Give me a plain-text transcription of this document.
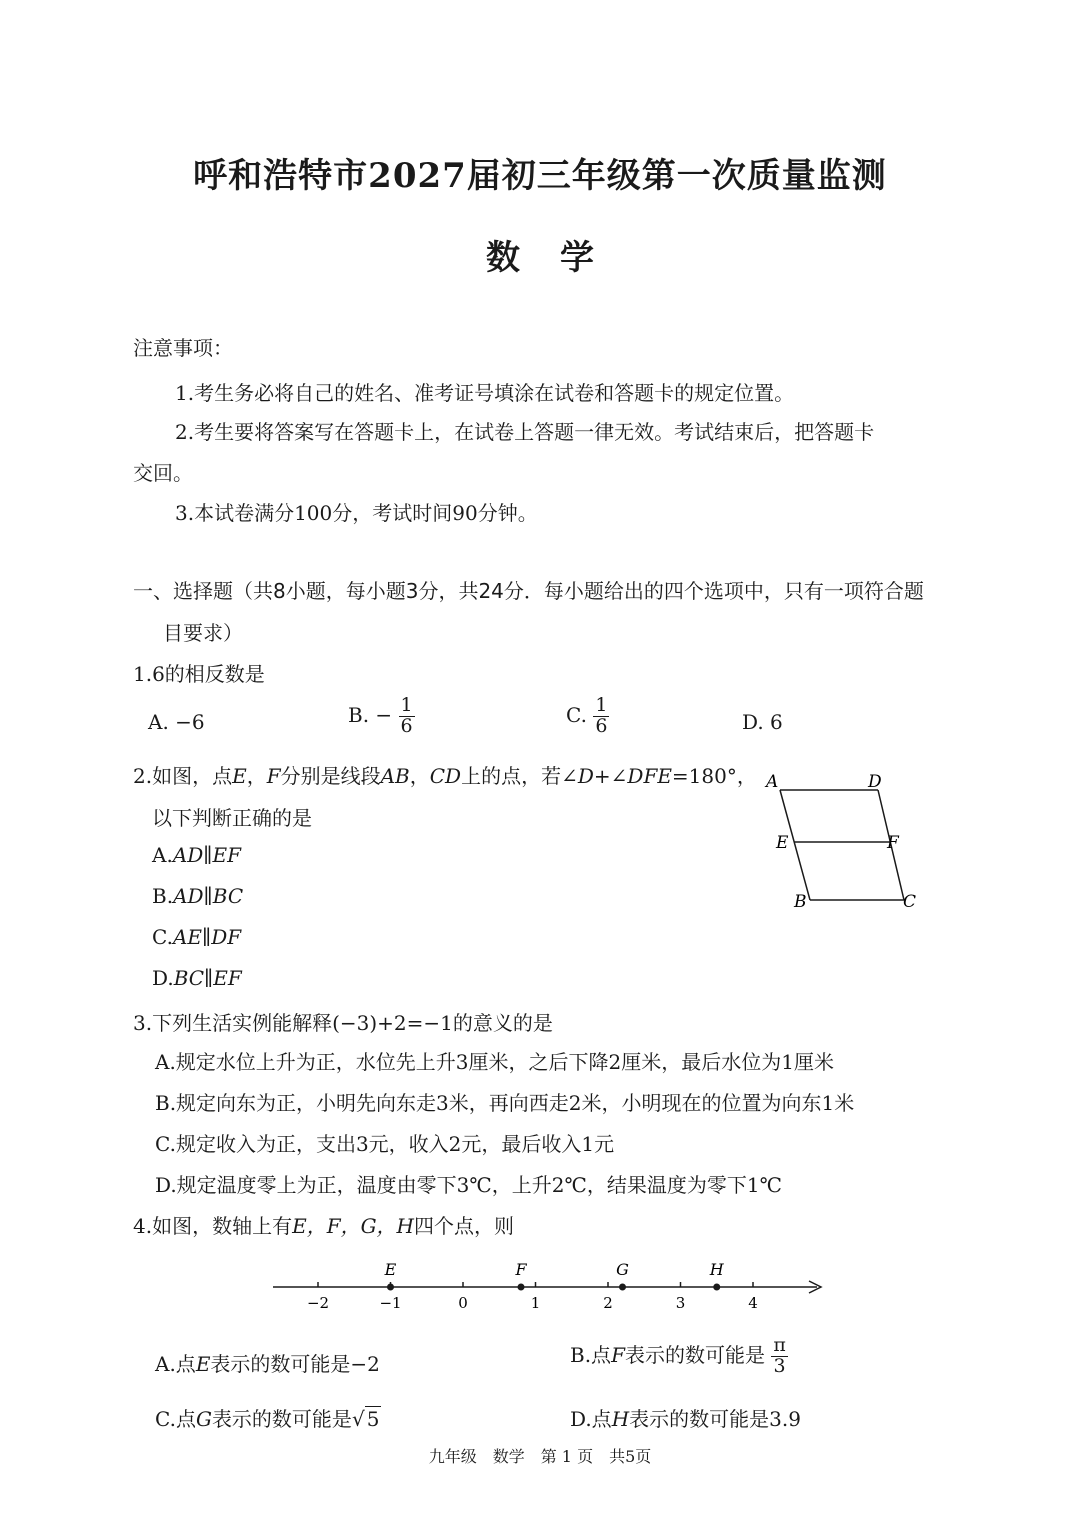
呼和浩特市2027届初三年级第一次质量监测
数学
注意事项：
1.考生务必将自己的姓名、准考证号填涂在试卷和答题卡的规定位置。
2.考生要将答案写在答题卡上，在试卷上答题一律无效。考试结束后，把答题卡
交回。
3.本试卷满分100分，考试时间90分钟。
一、选择题（共8小题，每小题3分，共24分．每小题给出的四个选项中，只有一项符合题
目要求）
1.6的相反数是
A. −6	B. − $\frac{1}{6}$	C. $\frac{1}{6}$	D. 6
2.如图，点E，F分别是线段AB，CD上的点，若∠D+∠DFE=180°，
以下判断正确的是
A.AD∥EF
B.AD∥BC
C.AE∥DF
D.BC∥EF
A	D
E	F
B	C
3.下列生活实例能解释(−3)+2=−1的意义的是
A.规定水位上升为正，水位先上升3厘米，之后下降2厘米，最后水位为1厘米
B.规定向东为正，小明先向东走3米，再向西走2米，小明现在的位置为向东1米
C.规定收入为正，支出3元，收入2元，最后收入1元
D.规定温度零上为正，温度由零下3℃，上升2℃，结果温度为零下1℃
4.如图，数轴上有E，F，G，H四个点，则
−2	−1	0	1	2	3	4
E	F	G	H
A.点E表示的数可能是−2	B.点F表示的数可能是 $\frac{\pi}{3}$
C.点G表示的数可能是√ 5	D.点H表示的数可能是3.9
九年级　数学　第 1 页　共5页
